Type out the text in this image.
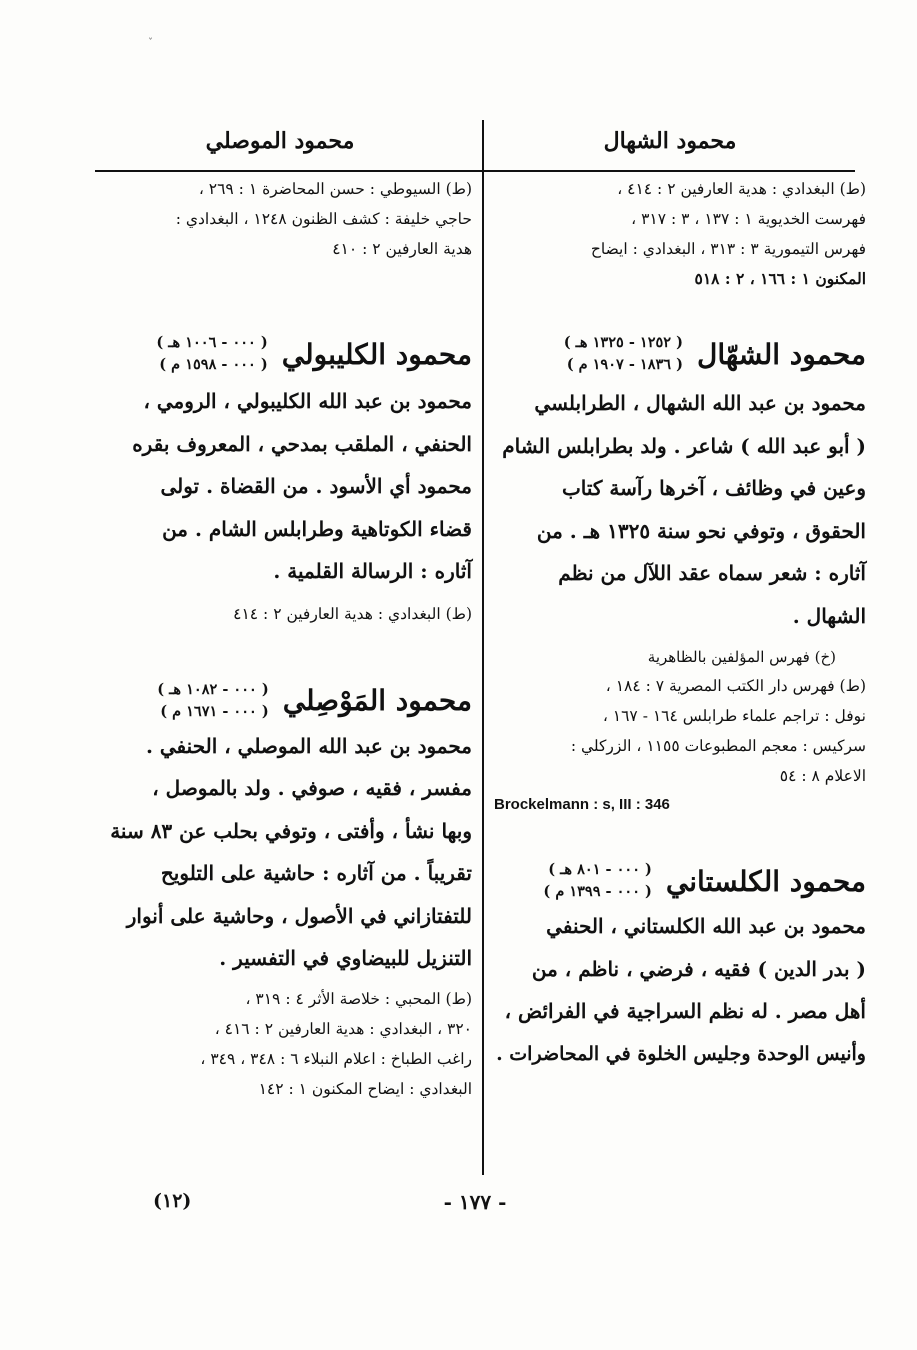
ˇ
محمود الشهال
محمود الموصلي

(ط) البغدادي : هدية العارفين ٢ : ٤١٤ ،

فهرست الخديوية ١ : ١٣٧ ، ٣ : ٣١٧ ،

فهرس التيمورية ٣ : ٣١٣ ، البغدادي : ايضاح

المكنون ١ : ١٦٦ ، ٢ : ٥١٨

محمود الشهّال
( ١٢٥٢ - ١٣٢٥ هـ )
( ١٨٣٦ - ١٩٠٧ م )

محمود بن عبد الله الشهال ، الطرابلسي

( أبو عبد الله ) شاعر . ولد بطرابلس الشام

وعين في وظائف ، آخرها رآسة كتاب

الحقوق ، وتوفي نحو سنة ١٣٢٥ هـ . من

آثاره : شعر سماه عقد اللآل من نظم

الشهال .

(خ) فهرس المؤلفين بالظاهرية

(ط) فهرس دار الكتب المصرية ٧ : ١٨٤ ،

نوفل : تراجم علماء طرابلس ١٦٤ - ١٦٧ ،

سركيس : معجم المطبوعات ١١٥٥ ، الزركلي :

الاعلام ٨ : ٥٤

Brockelmann : s, III : 346
محمود الكلستاني
( ٠٠٠ - ٨٠١ هـ )
( ٠٠٠ - ١٣٩٩ م )

محمود بن عبد الله الكلستاني ، الحنفي

( بدر الدين ) فقيه ، فرضي ، ناظم ، من

أهل مصر . له نظم السراجية في الفرائض ،

وأنيس الوحدة وجليس الخلوة في المحاضرات .

(ط) السيوطي : حسن المحاضرة ١ : ٢٦٩ ،

حاجي خليفة : كشف الظنون ١٢٤٨ ، البغدادي :

هدية العارفين ٢ : ٤١٠

محمود الكليبولي
( ٠٠٠ - ١٠٠٦ هـ )
( ٠٠٠ - ١٥٩٨ م )

محمود بن عبد الله الكليبولي ، الرومي ،

الحنفي ، الملقب بمدحي ، المعروف بقره

محمود أي الأسود . من القضاة . تولى

قضاء الكوتاهية وطرابلس الشام . من

آثاره : الرسالة القلمية .

(ط) البغدادي : هدية العارفين ٢ : ٤١٤

محمود المَوْصِلي
( ٠٠٠ - ١٠٨٢ هـ )
( ٠٠٠ - ١٦٧١ م )

محمود بن عبد الله الموصلي ، الحنفي .

مفسر ، فقيه ، صوفي . ولد بالموصل ،

وبها نشأ ، وأفتى ، وتوفي بحلب عن ٨٣ سنة

تقريباً . من آثاره : حاشية على التلويح

للتفتازاني في الأصول ، وحاشية على أنوار

التنزيل للبيضاوي في التفسير .

(ط) المحبي : خلاصة الأثر ٤ : ٣١٩ ،

٣٢٠ ، البغدادي : هدية العارفين ٢ : ٤١٦ ،

راغب الطباخ : اعلام النبلاء ٦ : ٣٤٨ ، ٣٤٩ ،

البغدادي : ايضاح المكنون ١ : ١٤٢

- ١٧٧ -
(١٢)
